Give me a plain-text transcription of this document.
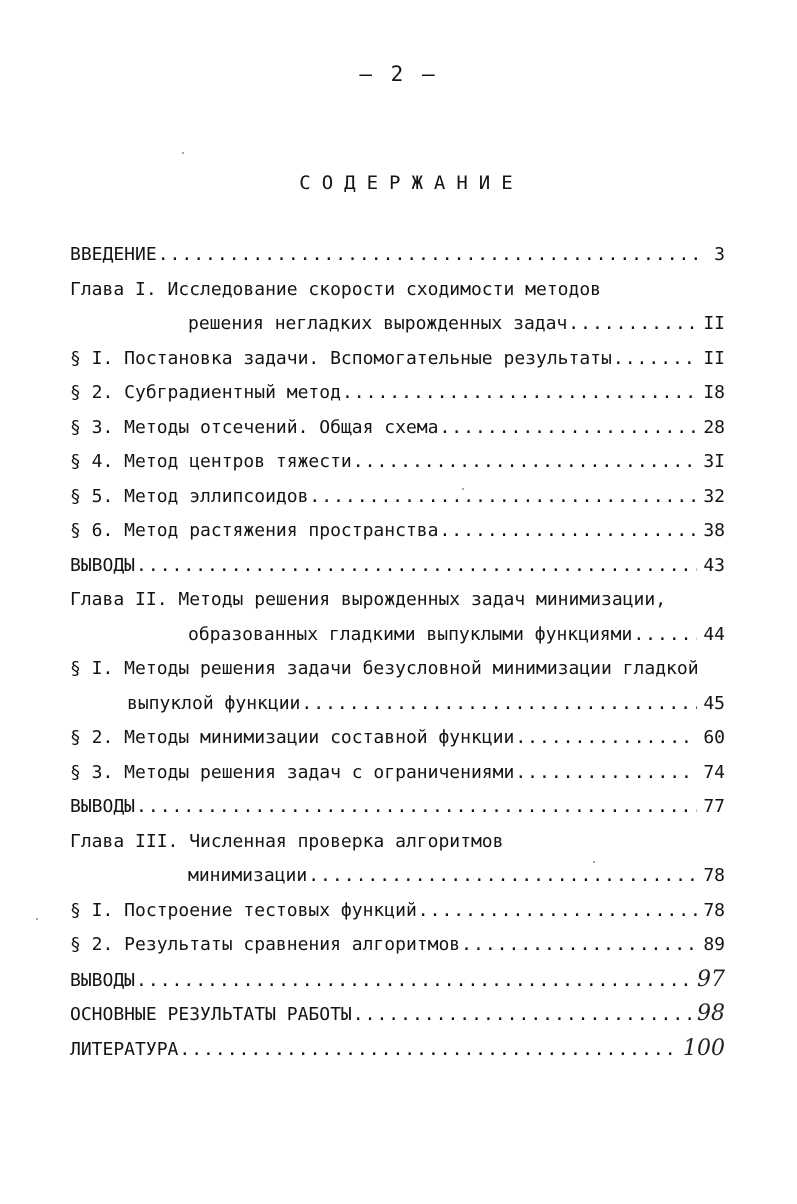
– 2 –
СОДЕРЖАНИЕ
ВВЕДЕНИЕ .....	3
Глава I. Исследование скорости сходимости методов
решения негладких вырожденных задач .....	II
§ I. Постановка задачи. Вспомогательные результаты .....	II
§ 2. Субградиентный метод .....	I8
§ 3. Методы отсечений. Общая схема .....	28
§ 4. Метод центров тяжести .....	3I
§ 5. Метод эллипсоидов .....	32
§ 6. Метод растяжения пространства .....	38
ВЫВОДЫ .....	43
Глава II. Методы решения вырожденных задач минимизации,
образованных гладкими выпуклыми функциями .....	44
§ I. Методы решения задачи безусловной минимизации гладкой
выпуклой функции .....	45
§ 2. Методы минимизации составной функции .....	60
§ 3. Методы решения задач с ограничениями .....	74
ВЫВОДЫ .....	77
Глава III. Численная проверка алгоритмов
минимизации .....	78
§ I. Построение тестовых функций .....	78
§ 2. Результаты сравнения алгоритмов .....	89
ВЫВОДЫ .....	97
ОСНОВНЫЕ РЕЗУЛЬТАТЫ РАБОТЫ .....	98
ЛИТЕРАТУРА .....	100
